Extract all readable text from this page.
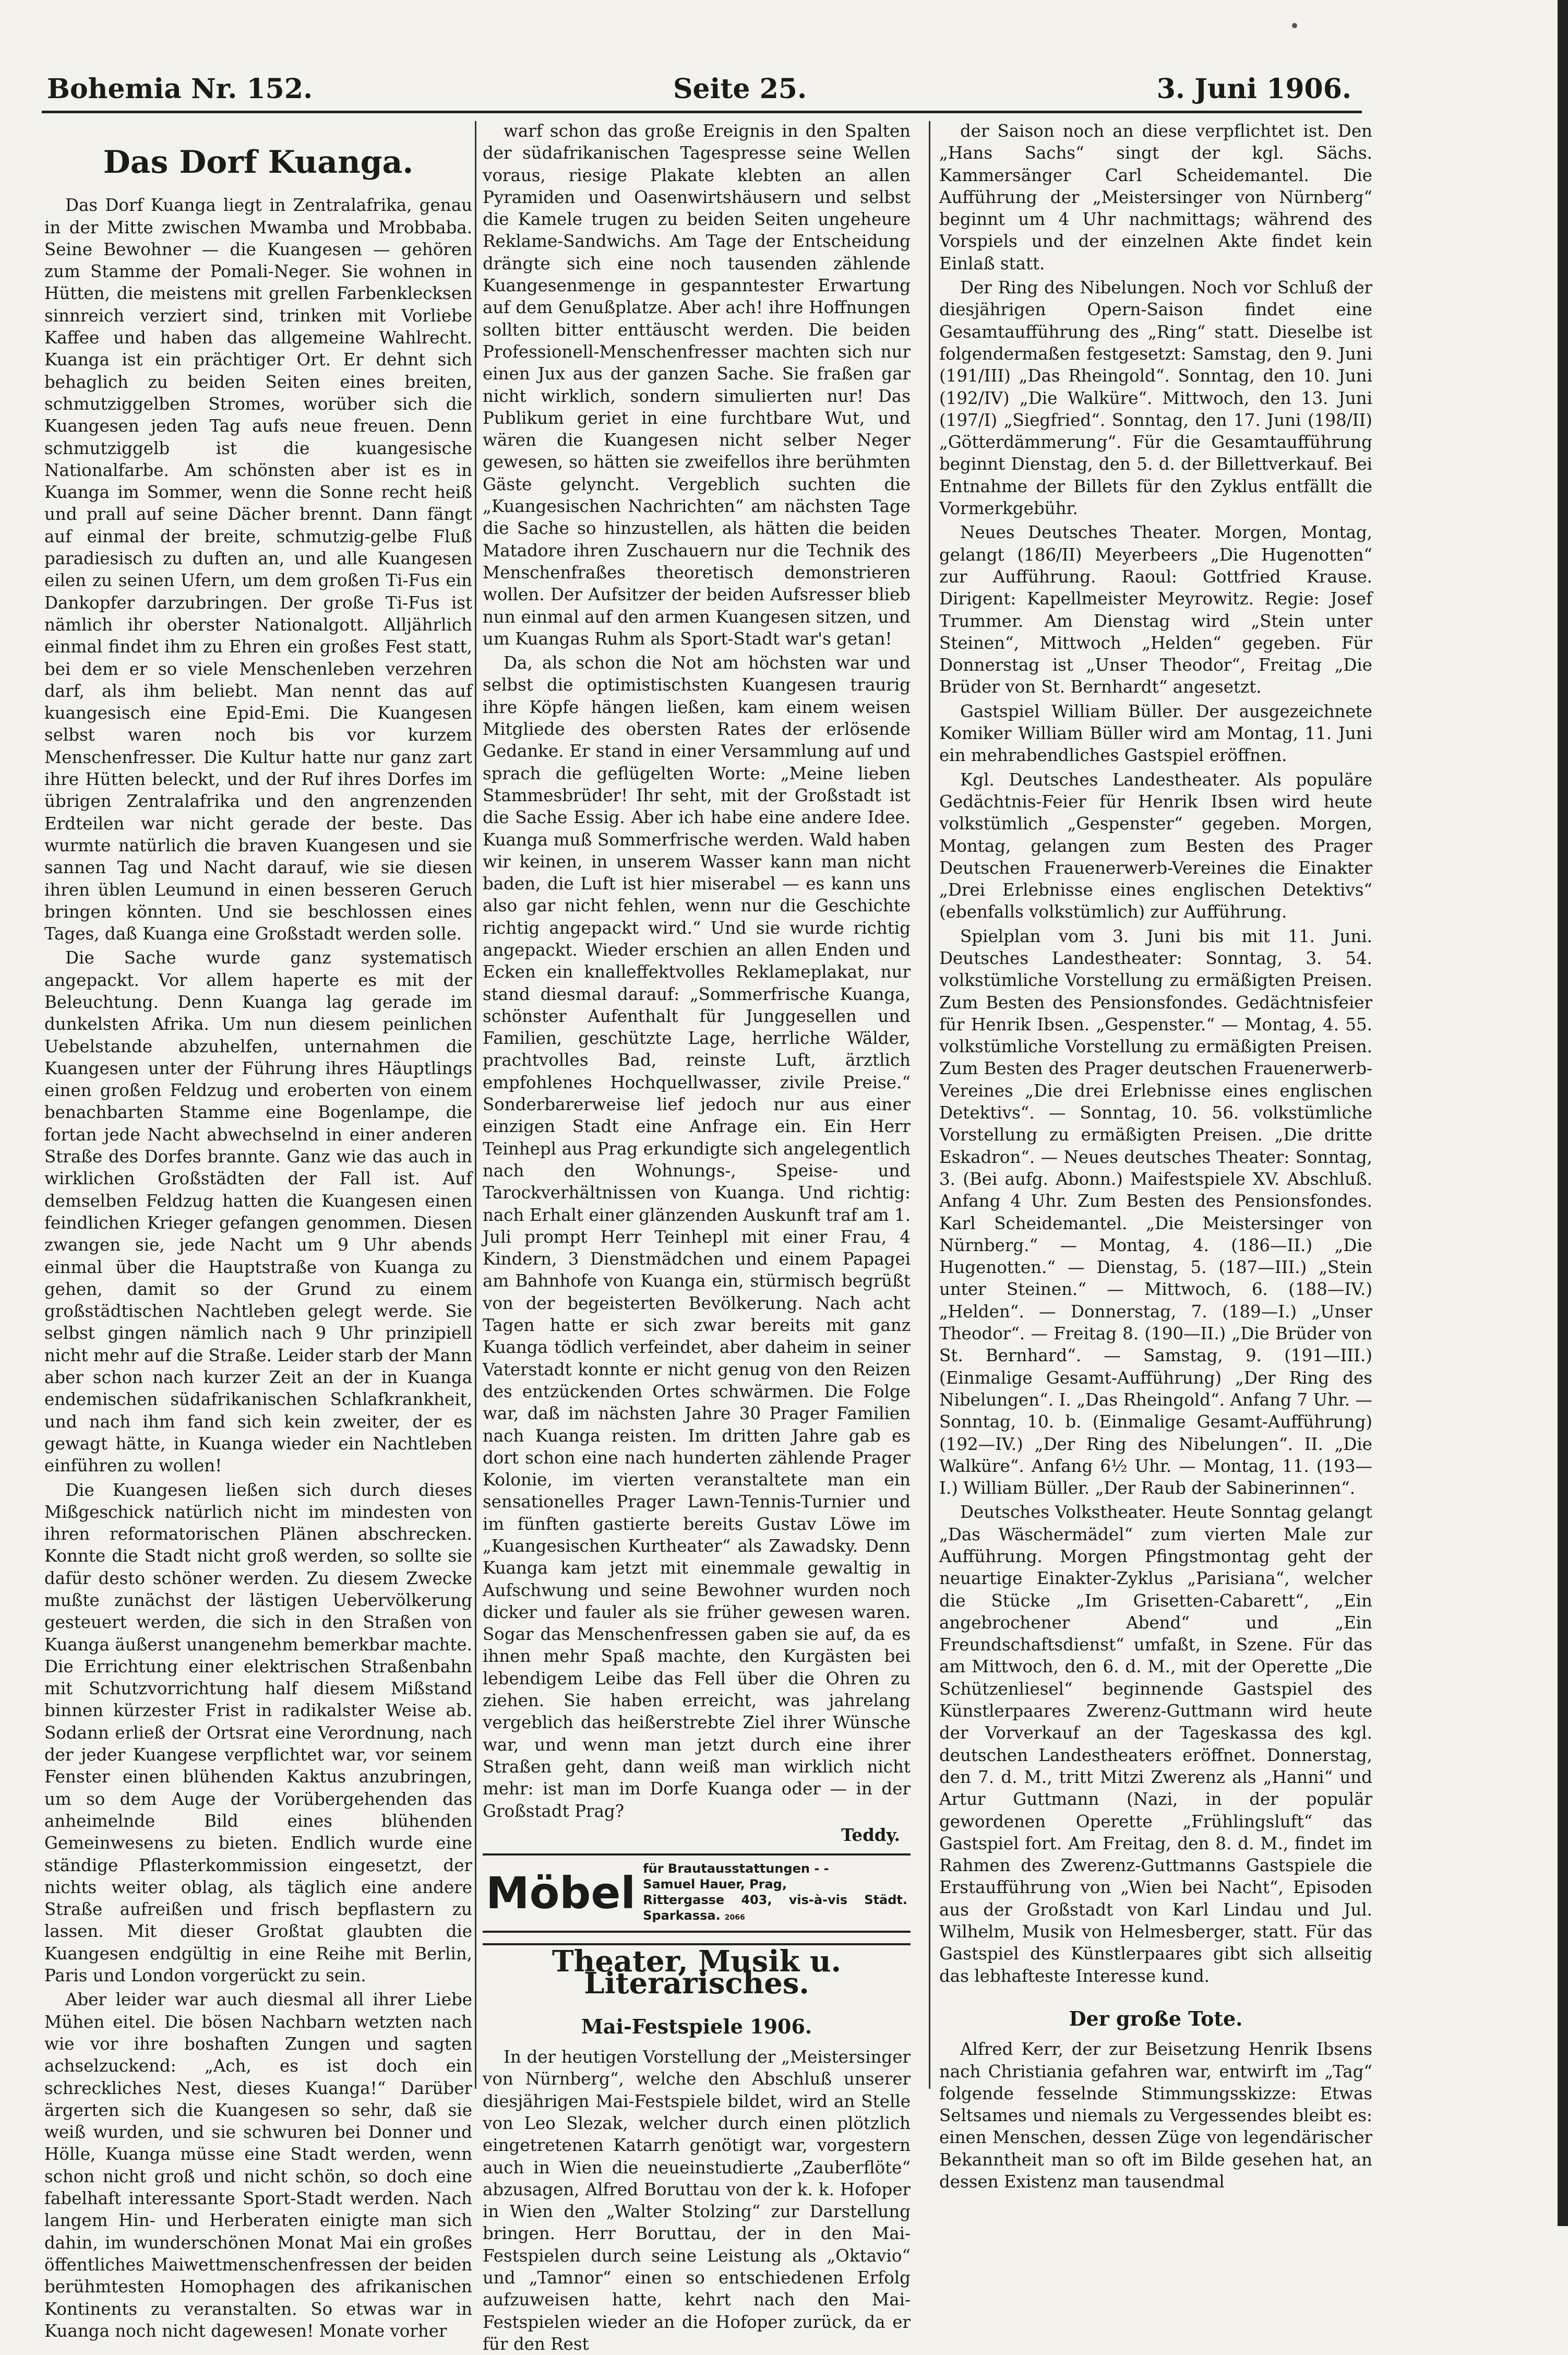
Bohemia Nr. 152.	Seite 25.	3. Juni 1906.
Das Dorf Kuanga.

Das Dorf Kuanga liegt in Zentralafrika, genau in der Mitte zwischen Mwamba und Mrobbaba. Seine Bewohner — die Kuangesen — gehören zum Stamme der Pomali-Neger. Sie wohnen in Hütten, die meistens mit grellen Farbenklecksen sinnreich verziert sind, trinken mit Vorliebe Kaffee und haben das allgemeine Wahlrecht. Kuanga ist ein prächtiger Ort. Er dehnt sich behaglich zu beiden Seiten eines breiten, schmutziggelben Stromes, worüber sich die Kuangesen jeden Tag aufs neue freuen. Denn schmutziggelb ist die kuangesische Nationalfarbe. Am schönsten aber ist es in Kuanga im Sommer, wenn die Sonne recht heiß und prall auf seine Dächer brennt. Dann fängt auf einmal der breite, schmutzig-gelbe Fluß paradiesisch zu duften an, und alle Kuangesen eilen zu seinen Ufern, um dem großen Ti-Fus ein Dankopfer darzubringen. Der große Ti-Fus ist nämlich ihr oberster Nationalgott. Alljährlich einmal findet ihm zu Ehren ein großes Fest statt, bei dem er so viele Menschenleben verzehren darf, als ihm beliebt. Man nennt das auf kuangesisch eine Epid-Emi. Die Kuangesen selbst waren noch bis vor kurzem Menschenfresser. Die Kultur hatte nur ganz zart ihre Hütten beleckt, und der Ruf ihres Dorfes im übrigen Zentralafrika und den angrenzenden Erdteilen war nicht gerade der beste. Das wurmte natürlich die braven Kuangesen und sie sannen Tag und Nacht darauf, wie sie diesen ihren üblen Leumund in einen besseren Geruch bringen könnten. Und sie beschlossen eines Tages, daß Kuanga eine Großstadt werden solle.

Die Sache wurde ganz systematisch angepackt. Vor allem haperte es mit der Beleuchtung. Denn Kuanga lag gerade im dunkelsten Afrika. Um nun diesem peinlichen Uebelstande abzuhelfen, unternahmen die Kuangesen unter der Führung ihres Häuptlings einen großen Feldzug und eroberten von einem benachbarten Stamme eine Bogenlampe, die fortan jede Nacht abwechselnd in einer anderen Straße des Dorfes brannte. Ganz wie das auch in wirklichen Großstädten der Fall ist. Auf demselben Feldzug hatten die Kuangesen einen feindlichen Krieger gefangen genommen. Diesen zwangen sie, jede Nacht um 9 Uhr abends einmal über die Hauptstraße von Kuanga zu gehen, damit so der Grund zu einem großstädtischen Nachtleben gelegt werde. Sie selbst gingen nämlich nach 9 Uhr prinzipiell nicht mehr auf die Straße. Leider starb der Mann aber schon nach kurzer Zeit an der in Kuanga endemischen südafrikanischen Schlafkrankheit, und nach ihm fand sich kein zweiter, der es gewagt hätte, in Kuanga wieder ein Nachtleben einführen zu wollen!

Die Kuangesen ließen sich durch dieses Mißgeschick natürlich nicht im mindesten von ihren reformatorischen Plänen abschrecken. Konnte die Stadt nicht groß werden, so sollte sie dafür desto schöner werden. Zu diesem Zwecke mußte zunächst der lästigen Uebervölkerung gesteuert werden, die sich in den Straßen von Kuanga äußerst unangenehm bemerkbar machte. Die Errichtung einer elektrischen Straßenbahn mit Schutzvorrichtung half diesem Mißstand binnen kürzester Frist in radikalster Weise ab. Sodann erließ der Ortsrat eine Verordnung, nach der jeder Kuangese verpflichtet war, vor seinem Fenster einen blühenden Kaktus anzubringen, um so dem Auge der Vorübergehenden das anheimelnde Bild eines blühenden Gemeinwesens zu bieten. Endlich wurde eine ständige Pflasterkommission eingesetzt, der nichts weiter oblag, als täglich eine andere Straße aufreißen und frisch bepflastern zu lassen. Mit dieser Großtat glaubten die Kuangesen endgültig in eine Reihe mit Berlin, Paris und London vorgerückt zu sein.

Aber leider war auch diesmal all ihrer Liebe Mühen eitel. Die bösen Nachbarn wetzten nach wie vor ihre boshaften Zungen und sagten achselzuckend: „Ach, es ist doch ein schreckliches Nest, dieses Kuanga!“ Darüber ärgerten sich die Kuangesen so sehr, daß sie weiß wurden, und sie schwuren bei Donner und Hölle, Kuanga müsse eine Stadt werden, wenn schon nicht groß und nicht schön, so doch eine fabelhaft interessante Sport-Stadt werden. Nach langem Hin- und Herberaten einigte man sich dahin, im wunderschönen Monat Mai ein großes öffentliches Maiwettmenschenfressen der beiden berühmtesten Homophagen des afrikanischen Kontinents zu veranstalten. So etwas war in Kuanga noch nicht dagewesen! Monate vorher

warf schon das große Ereignis in den Spalten der südafrikanischen Tagespresse seine Wellen voraus, riesige Plakate klebten an allen Pyramiden und Oasenwirtshäusern und selbst die Kamele trugen zu beiden Seiten ungeheure Reklame-Sandwichs. Am Tage der Entscheidung drängte sich eine noch tausenden zählende Kuangesenmenge in gespanntester Erwartung auf dem Genußplatze. Aber ach! ihre Hoffnungen sollten bitter enttäuscht werden. Die beiden Professionell-Menschenfresser machten sich nur einen Jux aus der ganzen Sache. Sie fraßen gar nicht wirklich, sondern simulierten nur! Das Publikum geriet in eine furchtbare Wut, und wären die Kuangesen nicht selber Neger gewesen, so hätten sie zweifellos ihre berühmten Gäste gelyncht. Vergeblich suchten die „Kuangesischen Nachrichten“ am nächsten Tage die Sache so hinzustellen, als hätten die beiden Matadore ihren Zuschauern nur die Technik des Menschenfraßes theoretisch demonstrieren wollen. Der Aufsitzer der beiden Aufsresser blieb nun einmal auf den armen Kuangesen sitzen, und um Kuangas Ruhm als Sport-Stadt war's getan!

Da, als schon die Not am höchsten war und selbst die optimistischsten Kuangesen traurig ihre Köpfe hängen ließen, kam einem weisen Mitgliede des obersten Rates der erlösende Gedanke. Er stand in einer Versammlung auf und sprach die geflügelten Worte: „Meine lieben Stammesbrüder! Ihr seht, mit der Großstadt ist die Sache Essig. Aber ich habe eine andere Idee. Kuanga muß Sommerfrische werden. Wald haben wir keinen, in unserem Wasser kann man nicht baden, die Luft ist hier miserabel — es kann uns also gar nicht fehlen, wenn nur die Geschichte richtig angepackt wird.“ Und sie wurde richtig angepackt. Wieder erschien an allen Enden und Ecken ein knalleffektvolles Reklameplakat, nur stand diesmal darauf: „Sommerfrische Kuanga, schönster Aufenthalt für Junggesellen und Familien, geschützte Lage, herrliche Wälder, prachtvolles Bad, reinste Luft, ärztlich empfohlenes Hochquellwasser, zivile Preise.“ Sonderbarerweise lief jedoch nur aus einer einzigen Stadt eine Anfrage ein. Ein Herr Teinhepl aus Prag erkundigte sich angelegentlich nach den Wohnungs-, Speise- und Tarockverhältnissen von Kuanga. Und richtig: nach Erhalt einer glänzenden Auskunft traf am 1. Juli prompt Herr Teinhepl mit einer Frau, 4 Kindern, 3 Dienstmädchen und einem Papagei am Bahnhofe von Kuanga ein, stürmisch begrüßt von der begeisterten Bevölkerung. Nach acht Tagen hatte er sich zwar bereits mit ganz Kuanga tödlich verfeindet, aber daheim in seiner Vaterstadt konnte er nicht genug von den Reizen des entzückenden Ortes schwärmen. Die Folge war, daß im nächsten Jahre 30 Prager Familien nach Kuanga reisten. Im dritten Jahre gab es dort schon eine nach hunderten zählende Prager Kolonie, im vierten veranstaltete man ein sensationelles Prager Lawn-Tennis-Turnier und im fünften gastierte bereits Gustav Löwe im „Kuangesischen Kurtheater“ als Zawadsky. Denn Kuanga kam jetzt mit einemmale gewaltig in Aufschwung und seine Bewohner wurden noch dicker und fauler als sie früher gewesen waren. Sogar das Menschenfressen gaben sie auf, da es ihnen mehr Spaß machte, den Kurgästen bei lebendigem Leibe das Fell über die Ohren zu ziehen. Sie haben erreicht, was jahrelang vergeblich das heißerstrebte Ziel ihrer Wünsche war, und wenn man jetzt durch eine ihrer Straßen geht, dann weiß man wirklich nicht mehr: ist man im Dorfe Kuanga oder — in der Großstadt Prag?

Teddy.

Möbel für Brautausstattungen - -
Samuel Hauer, Prag,
Rittergasse 403, vis-à-vis Städt. Sparkassa. 2066
Theater, Musik u. Literarisches.
Mai-Festspiele 1906.

In der heutigen Vorstellung der „Meistersinger von Nürnberg“, welche den Abschluß unserer diesjährigen Mai-Festspiele bildet, wird an Stelle von Leo Slezak, welcher durch einen plötzlich eingetretenen Katarrh genötigt war, vorgestern auch in Wien die neueinstudierte „Zauberflöte“ abzusagen, Alfred Boruttau von der k. k. Hofoper in Wien den „Walter Stolzing“ zur Darstellung bringen. Herr Boruttau, der in den Mai-Festspielen durch seine Leistung als „Oktavio“ und „Tamnor“ einen so entschiedenen Erfolg aufzuweisen hatte, kehrt nach den Mai-Festspielen wieder an die Hofoper zurück, da er für den Rest

der Saison noch an diese verpflichtet ist. Den „Hans Sachs“ singt der kgl. Sächs. Kammersänger Carl Scheidemantel. Die Aufführung der „Meistersinger von Nürnberg“ beginnt um 4 Uhr nachmittags; während des Vorspiels und der einzelnen Akte findet kein Einlaß statt.

Der Ring des Nibelungen. Noch vor Schluß der diesjährigen Opern-Saison findet eine Gesamtaufführung des „Ring“ statt. Dieselbe ist folgendermaßen festgesetzt: Samstag, den 9. Juni (191/III) „Das Rheingold“. Sonntag, den 10. Juni (192/IV) „Die Walküre“. Mittwoch, den 13. Juni (197/I) „Siegfried“. Sonntag, den 17. Juni (198/II) „Götterdämmerung“. Für die Gesamtaufführung beginnt Dienstag, den 5. d. der Billettverkauf. Bei Entnahme der Billets für den Zyklus entfällt die Vormerkgebühr.

Neues Deutsches Theater. Morgen, Montag, gelangt (186/II) Meyerbeers „Die Hugenotten“ zur Aufführung. Raoul: Gottfried Krause. Dirigent: Kapellmeister Meyrowitz. Regie: Josef Trummer. Am Dienstag wird „Stein unter Steinen“, Mittwoch „Helden“ gegeben. Für Donnerstag ist „Unser Theodor“, Freitag „Die Brüder von St. Bernhardt“ angesetzt.

Gastspiel William Büller. Der ausgezeichnete Komiker William Büller wird am Montag, 11. Juni ein mehrabendliches Gastspiel eröffnen.

Kgl. Deutsches Landestheater. Als populäre Gedächtnis-Feier für Henrik Ibsen wird heute volkstümlich „Gespenster“ gegeben. Morgen, Montag, gelangen zum Besten des Prager Deutschen Frauenerwerb-Vereines die Einakter „Drei Erlebnisse eines englischen Detektivs“ (ebenfalls volkstümlich) zur Aufführung.

Spielplan vom 3. Juni bis mit 11. Juni. Deutsches Landestheater: Sonntag, 3. 54. volkstümliche Vorstellung zu ermäßigten Preisen. Zum Besten des Pensionsfondes. Gedächtnisfeier für Henrik Ibsen. „Gespenster.“ — Montag, 4. 55. volkstümliche Vorstellung zu ermäßigten Preisen. Zum Besten des Prager deutschen Frauenerwerb-Vereines „Die drei Erlebnisse eines englischen Detektivs“. — Sonntag, 10. 56. volkstümliche Vorstellung zu ermäßigten Preisen. „Die dritte Eskadron“. — Neues deutsches Theater: Sonntag, 3. (Bei aufg. Abonn.) Maifestspiele XV. Abschluß. Anfang 4 Uhr. Zum Besten des Pensionsfondes. Karl Scheidemantel. „Die Meistersinger von Nürnberg.“ — Montag, 4. (186—II.) „Die Hugenotten.“ — Dienstag, 5. (187—III.) „Stein unter Steinen.“ — Mittwoch, 6. (188—IV.) „Helden“. — Donnerstag, 7. (189—I.) „Unser Theodor“. — Freitag 8. (190—II.) „Die Brüder von St. Bernhard“. — Samstag, 9. (191—III.) (Einmalige Gesamt-Aufführung) „Der Ring des Nibelungen“. I. „Das Rheingold“. Anfang 7 Uhr. — Sonntag, 10. b. (Einmalige Gesamt-Aufführung) (192—IV.) „Der Ring des Nibelungen“. II. „Die Walküre“. Anfang 6½ Uhr. — Montag, 11. (193—I.) William Büller. „Der Raub der Sabinerinnen“.

Deutsches Volkstheater. Heute Sonntag gelangt „Das Wäschermädel“ zum vierten Male zur Aufführung. Morgen Pfingstmontag geht der neuartige Einakter-Zyklus „Parisiana“, welcher die Stücke „Im Grisetten-Cabarett“, „Ein angebrochener Abend“ und „Ein Freundschaftsdienst“ umfaßt, in Szene. Für das am Mittwoch, den 6. d. M., mit der Operette „Die Schützenliesel“ beginnende Gastspiel des Künstlerpaares Zwerenz-Guttmann wird heute der Vorverkauf an der Tageskassa des kgl. deutschen Landestheaters eröffnet. Donnerstag, den 7. d. M., tritt Mitzi Zwerenz als „Hanni“ und Artur Guttmann (Nazi, in der populär gewordenen Operette „Frühlingsluft“ das Gastspiel fort. Am Freitag, den 8. d. M., findet im Rahmen des Zwerenz-Guttmanns Gastspiele die Erstaufführung von „Wien bei Nacht“, Episoden aus der Großstadt von Karl Lindau und Jul. Wilhelm, Musik von Helmesberger, statt. Für das Gastspiel des Künstlerpaares gibt sich allseitig das lebhafteste Interesse kund.

Der große Tote.

Alfred Kerr, der zur Beisetzung Henrik Ibsens nach Christiania gefahren war, entwirft im „Tag“ folgende fesselnde Stimmungsskizze: Etwas Seltsames und niemals zu Vergessendes bleibt es: einen Menschen, dessen Züge von legendärischer Bekanntheit man so oft im Bilde gesehen hat, an dessen Existenz man tausendmal
